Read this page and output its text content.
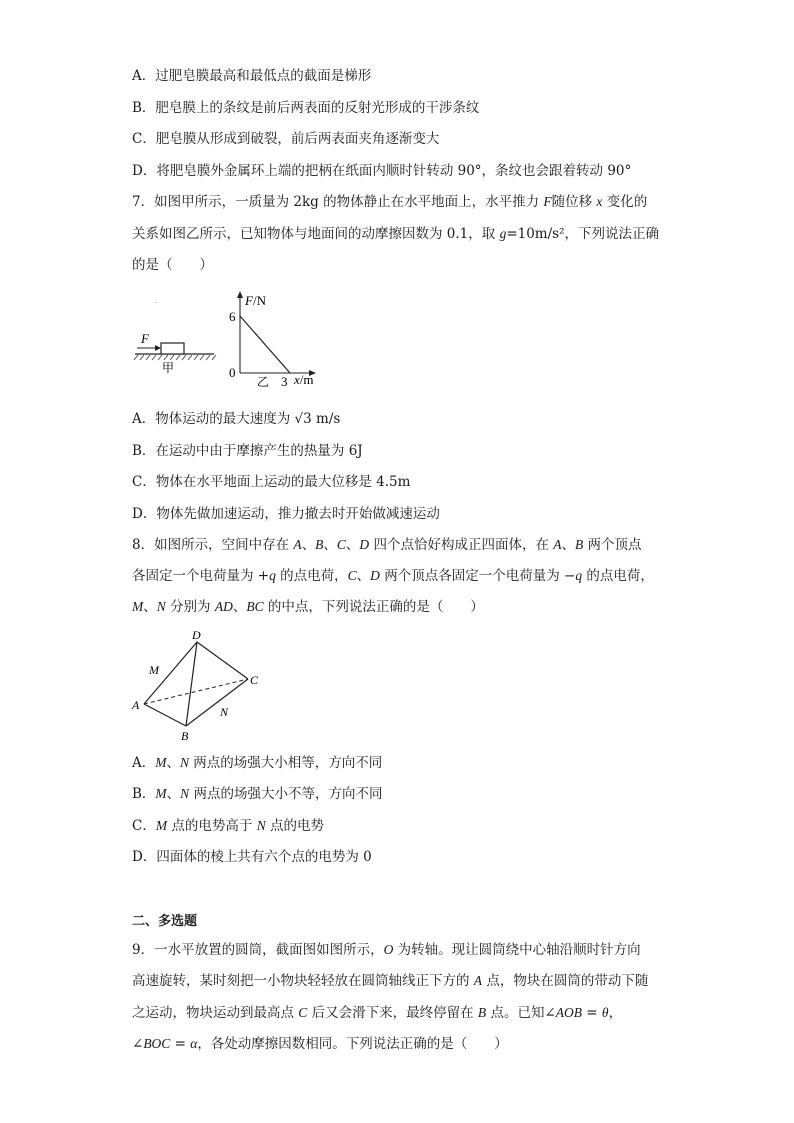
A．过肥皂膜最高和最低点的截面是梯形
B．肥皂膜上的条纹是前后两表面的反射光形成的干涉条纹
C．肥皂膜从形成到破裂，前后两表面夹角逐渐变大
D．将肥皂膜外金属环上端的把柄在纸面内顺时针转动 90°，条纹也会跟着转动 90°
7．如图甲所示，一质量为 2kg 的物体静止在水平地面上，水平推力 F随位移 x 变化的
关系如图乙所示，已知物体与地面间的动摩擦因数为 0.1，取 g=10m/s²，下列说法正确
的是（　　）
F
甲
F/N
6
0
3 x/m
乙
A．物体运动的最大速度为 √3 m/s
B．在运动中由于摩擦产生的热量为 6J
C．物体在水平地面上运动的最大位移是 4.5m
D．物体先做加速运动，推力撤去时开始做减速运动
8．如图所示，空间中存在 A、B、C、D 四个点恰好构成正四面体，在 A、B 两个顶点
各固定一个电荷量为 +q 的点电荷，C、D 两个顶点各固定一个电荷量为 −q 的点电荷，
M、N 分别为 AD、BC 的中点，下列说法正确的是（　　）
D
A
B
C
M
N
A．M、N 两点的场强大小相等，方向不同
B．M、N 两点的场强大小不等，方向不同
C．M 点的电势高于 N 点的电势
D．四面体的棱上共有六个点的电势为 0
二、多选题
9．一水平放置的圆筒，截面图如图所示，O 为转轴。现让圆筒绕中心轴沿顺时针方向
高速旋转，某时刻把一小物块轻轻放在圆筒轴线正下方的 A 点，物块在圆筒的带动下随
之运动，物块运动到最高点 C 后又会滑下来，最终停留在 B 点。已知∠AOB = θ，
∠BOC = α，各处动摩擦因数相同。下列说法正确的是（　　）
